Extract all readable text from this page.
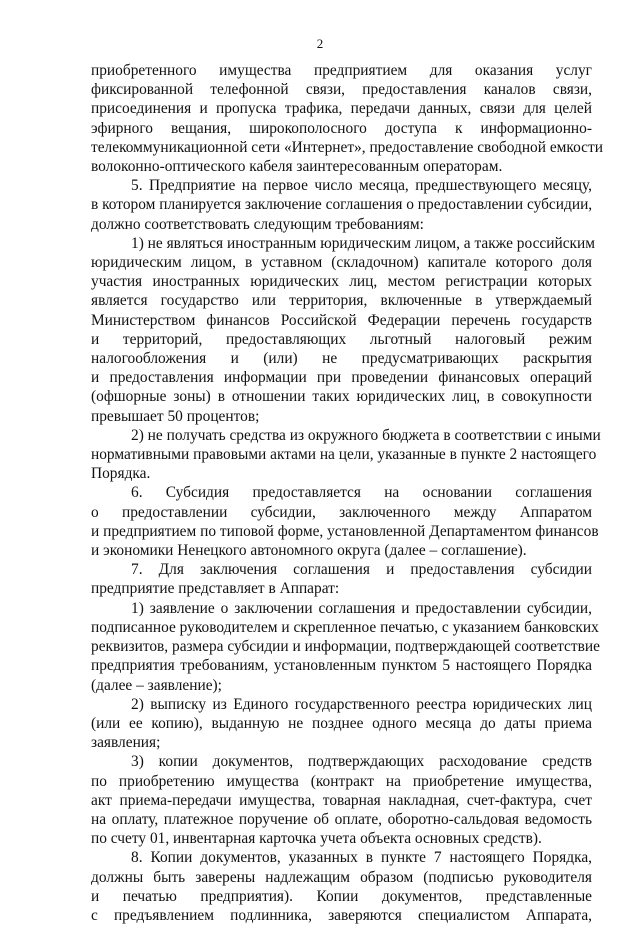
2
приобретенного имущества предприятием для оказания услуг
фиксированной телефонной связи, предоставления каналов связи,
присоединения и пропуска трафика, передачи данных, связи для целей
эфирного вещания, широкополосного доступа к информационно-
телекоммуникационной сети «Интернет», предоставление свободной емкости
волоконно-оптического кабеля заинтересованным операторам.
5. Предприятие на первое число месяца, предшествующего месяцу,
в котором планируется заключение соглашения о предоставлении субсидии,
должно соответствовать следующим требованиям:
1) не являться иностранным юридическим лицом, а также российским
юридическим лицом, в уставном (складочном) капитале которого доля
участия иностранных юридических лиц, местом регистрации которых
является государство или территория, включенные в утверждаемый
Министерством финансов Российской Федерации перечень государств
и территорий, предоставляющих льготный налоговый режим
налогообложения и (или) не предусматривающих раскрытия
и предоставления информации при проведении финансовых операций
(офшорные зоны) в отношении таких юридических лиц, в совокупности
превышает 50 процентов;
2) не получать средства из окружного бюджета в соответствии с иными
нормативными правовыми актами на цели, указанные в пункте 2 настоящего
Порядка.
6. Субсидия предоставляется на основании соглашения
о предоставлении субсидии, заключенного между Аппаратом
и предприятием по типовой форме, установленной Департаментом финансов
и экономики Ненецкого автономного округа (далее – соглашение).
7. Для заключения соглашения и предоставления субсидии
предприятие представляет в Аппарат:
1) заявление о заключении соглашения и предоставлении субсидии,
подписанное руководителем и скрепленное печатью, с указанием банковских
реквизитов, размера субсидии и информации, подтверждающей соответствие
предприятия требованиям, установленным пунктом 5 настоящего Порядка
(далее – заявление);
2) выписку из Единого государственного реестра юридических лиц
(или ее копию), выданную не позднее одного месяца до даты приема
заявления;
3) копии документов, подтверждающих расходование средств
по приобретению имущества (контракт на приобретение имущества,
акт приема-передачи имущества, товарная накладная, счет-фактура, счет
на оплату, платежное поручение об оплате, оборотно-сальдовая ведомость
по счету 01, инвентарная карточка учета объекта основных средств).
8. Копии документов, указанных в пункте 7 настоящего Порядка,
должны быть заверены надлежащим образом (подписью руководителя
и печатью предприятия). Копии документов, представленные
с предъявлением подлинника, заверяются специалистом Аппарата,
